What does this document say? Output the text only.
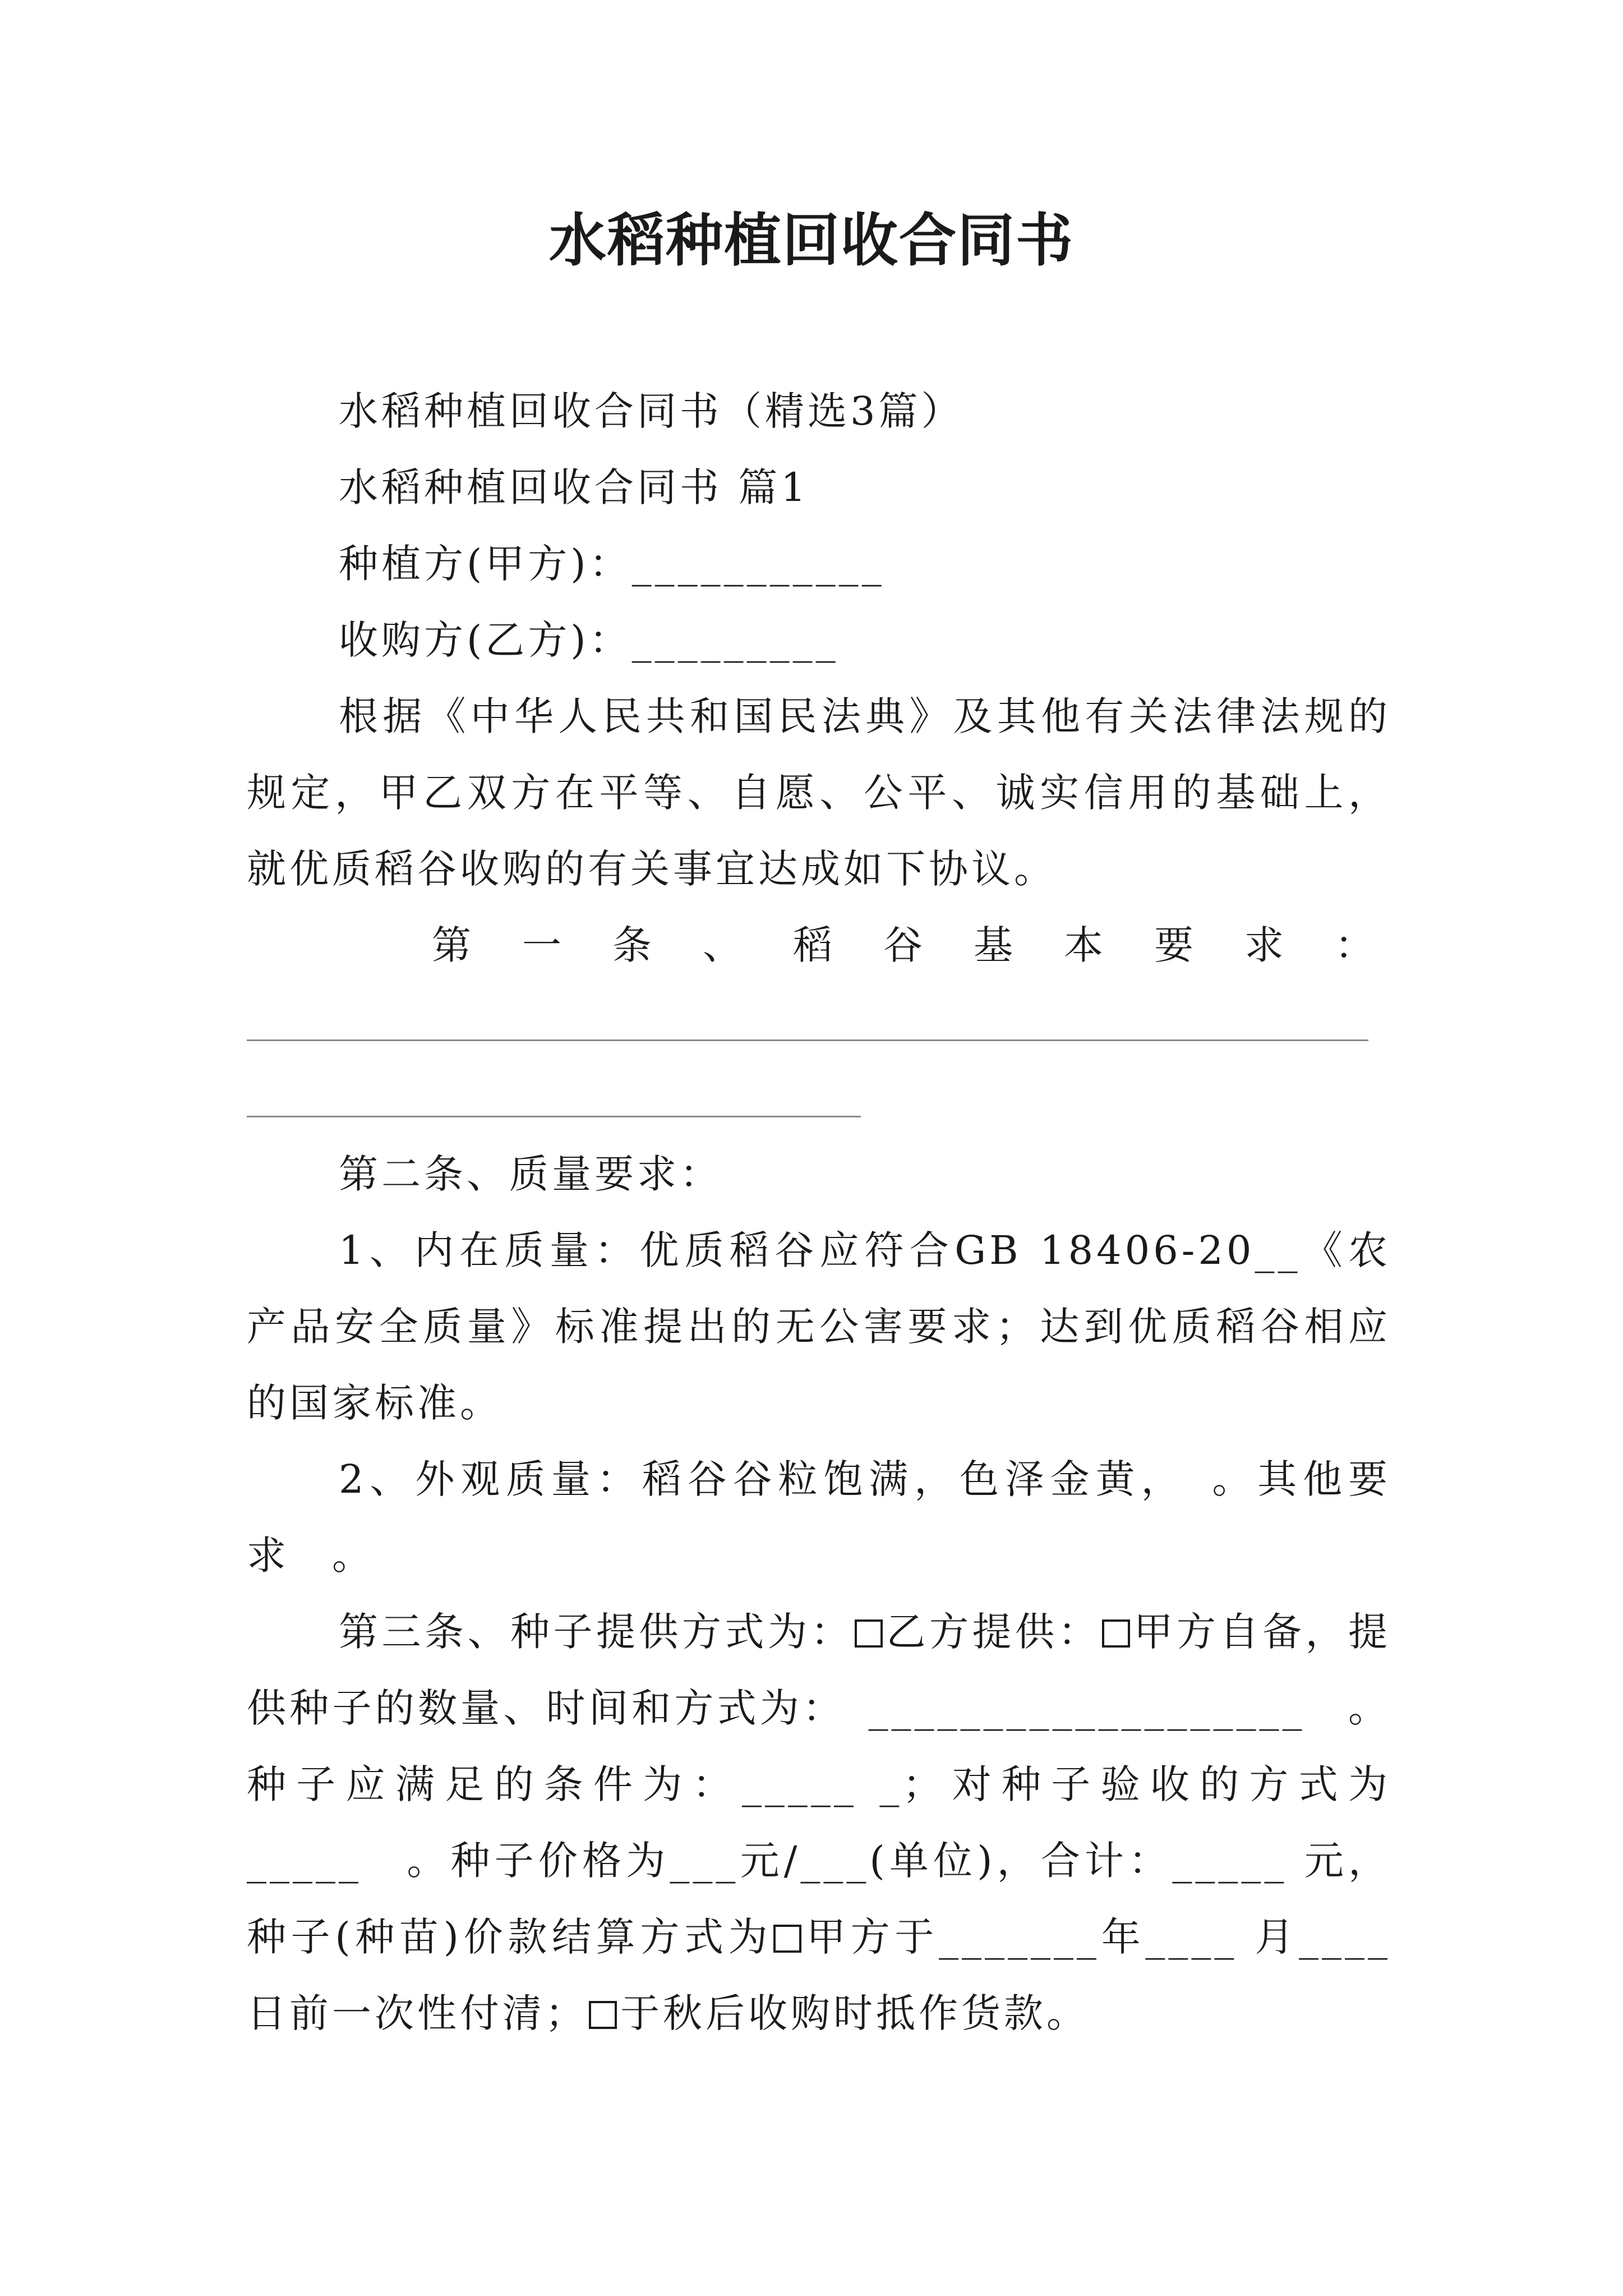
水稻种植回收合同书

水稻种植回收合同书（精选3篇）

水稻种植回收合同书 篇1

种植方(甲方)：___________

收购方(乙方)：_________

根据《中华人民共和国民法典》及其他有关法律法规的规定，甲乙双方在平等、自愿、公平、诚实信用的基础上，就优质稻谷收购的有关事宜达成如下协议。

第 一 条 、 稻 谷 基 本 要 求 ：

第二条、质量要求：

1、内在质量：优质稻谷应符合GB 18406-20__《农产品安全质量》标准提出的无公害要求；达到优质稻谷相应的国家标准。

2、外观质量：稻谷谷粒饱满，色泽金黄，　。其他要求　。

第三条、种子提供方式为： 乙方提供： 甲方自备，提供种子的数量、时间和方式为：　___________________　。种子应满足的条件为：_____ _；对种子验收的方式为_____　。种子价格为___元/___(单位)，合计：_____ 元，种子(种苗)价款结算方式为 甲方于_______年____ 月____日前一次性付清； 于秋后收购时抵作货款。
